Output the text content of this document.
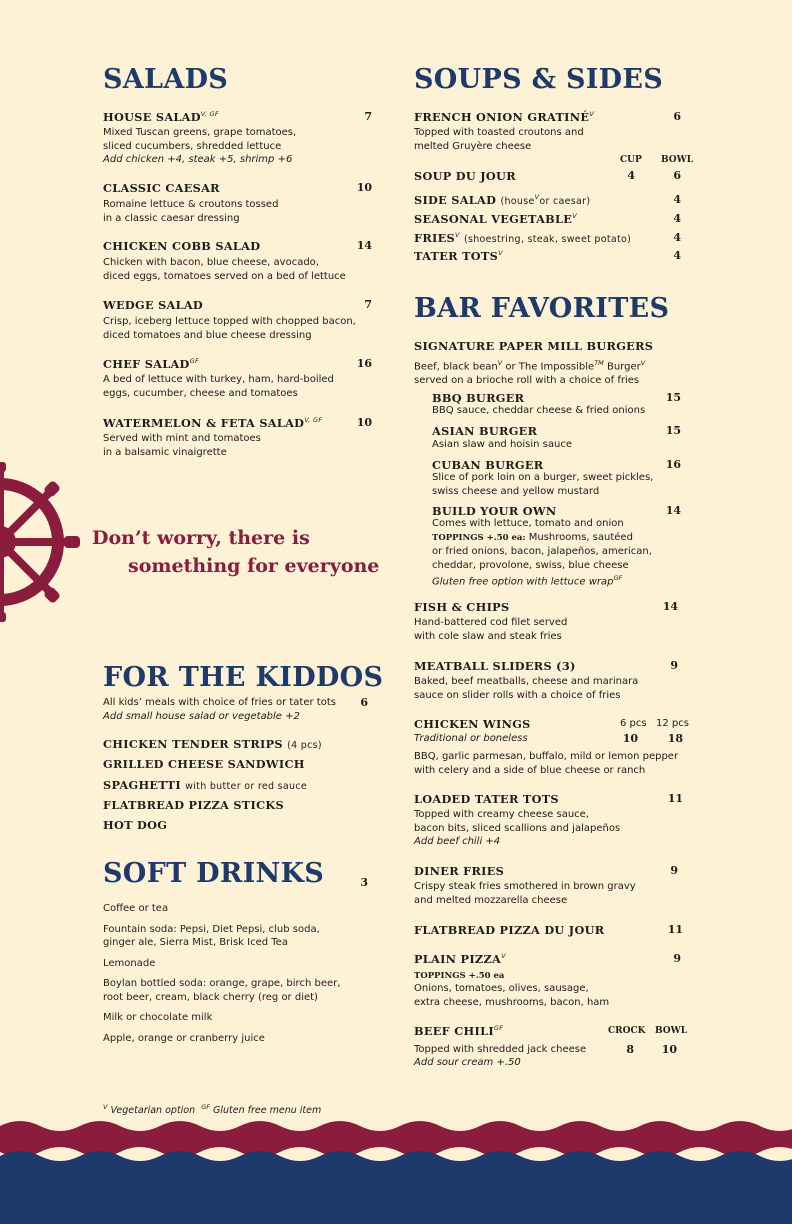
SALADS
HOUSE $SALAD^{V, GF}$	7
Mixed Tuscan greens, grape tomatoes,
sliced cucumbers, shredded lettuce
Add chicken +4, steak +5, shrimp +6
CLASSIC CAESAR	10
Romaine lettuce & croutons tossed
in a classic caesar dressing
CHICKEN COBB SALAD	14
Chicken with bacon, blue cheese, avocado,
diced eggs, tomatoes served on a bed of lettuce
WEDGE SALAD	7
Crisp, iceberg lettuce topped with chopped bacon,
diced tomatoes and blue cheese dressing
CHEF $SALAD^{GF}$	16
A bed of lettuce with turkey, ham, hard-boiled
eggs, cucumber, cheese and tomatoes
WATERMELON & FETA $SALAD^{V, GF}$	10
Served with mint and tomatoes
in a balsamic vinaigrette
Don’t worry, there is
something for everyone
FOR THE KIDDOS
All kids’ meals with choice of fries or tater tots
Add small house salad or vegetable +2
6
CHICKEN TENDER STRIPS (4 pcs)
GRILLED CHEESE SANDWICH
SPAGHETTI with butter or red sauce
FLATBREAD PIZZA STICKS
HOT DOG
SOFT DRINKS	3
Coffee or tea
Fountain soda: Pepsi, Diet Pepsi, club soda,
ginger ale, Sierra Mist, Brisk Iced Tea
Lemonade
Boylan bottled soda: orange, grape, birch beer,
root beer, cream, black cherry (reg or diet)
Milk or chocolate milk
Apple, orange or cranberry juice
$^V$ Vegetarian option $^{GF}$ Gluten free menu item
SOUPS & SIDES
FRENCH ONION $GRATINÉ^V$	6
Topped with toasted croutons and
melted Gruyère cheese
CUP BOWL
SOUP DU JOUR	4	6
SIDE SALAD (house$^V$or caesar)	4
SEASONAL $VEGETABLE^V$	4
$FRIES^V$ (shoestring, steak, sweet potato)	4
TATER $TOTS^V$	4
BAR FAVORITES
SIGNATURE PAPER MILL BURGERS
Beef, black bean$^V$ or The Impossible™ Burger$^V$
served on a brioche roll with a choice of fries
BBQ BURGER	15
BBQ sauce, cheddar cheese & fried onions
ASIAN BURGER	15
Asian slaw and hoisin sauce
CUBAN BURGER	16
Slice of pork loin on a burger, sweet pickles,
swiss cheese and yellow mustard
BUILD YOUR OWN	14
Comes with lettuce, tomato and onion
TOPPINGS +.50 ea: Mushrooms, sautéed
or fried onions, bacon, jalapeños, american,
cheddar, provolone, swiss, blue cheese
Gluten free option with lettuce wrap$^{GF}$
FISH & CHIPS	14
Hand-battered cod filet served
with cole slaw and steak fries
MEATBALL SLIDERS (3)	9
Baked, beef meatballs, cheese and marinara
sauce on slider rolls with a choice of fries
CHICKEN WINGS	6 pcs 12 pcs
Traditional or boneless	10	18
BBQ, garlic parmesan, buffalo, mild or lemon pepper
with celery and a side of blue cheese or ranch
LOADED TATER TOTS	11
Topped with creamy cheese sauce,
bacon bits, sliced scallions and jalapeños
Add beef chili +4
DINER FRIES	9
Crispy steak fries smothered in brown gravy
and melted mozzarella cheese
FLATBREAD PIZZA DU JOUR	11
PLAIN $PIZZA^V$	9
TOPPINGS +.50 ea
Onions, tomatoes, olives, sausage,
extra cheese, mushrooms, bacon, ham
BEEF $CHILI^{GF}$	CROCK BOWL
Topped with shredded jack cheese	8	10
Add sour cream +.50
